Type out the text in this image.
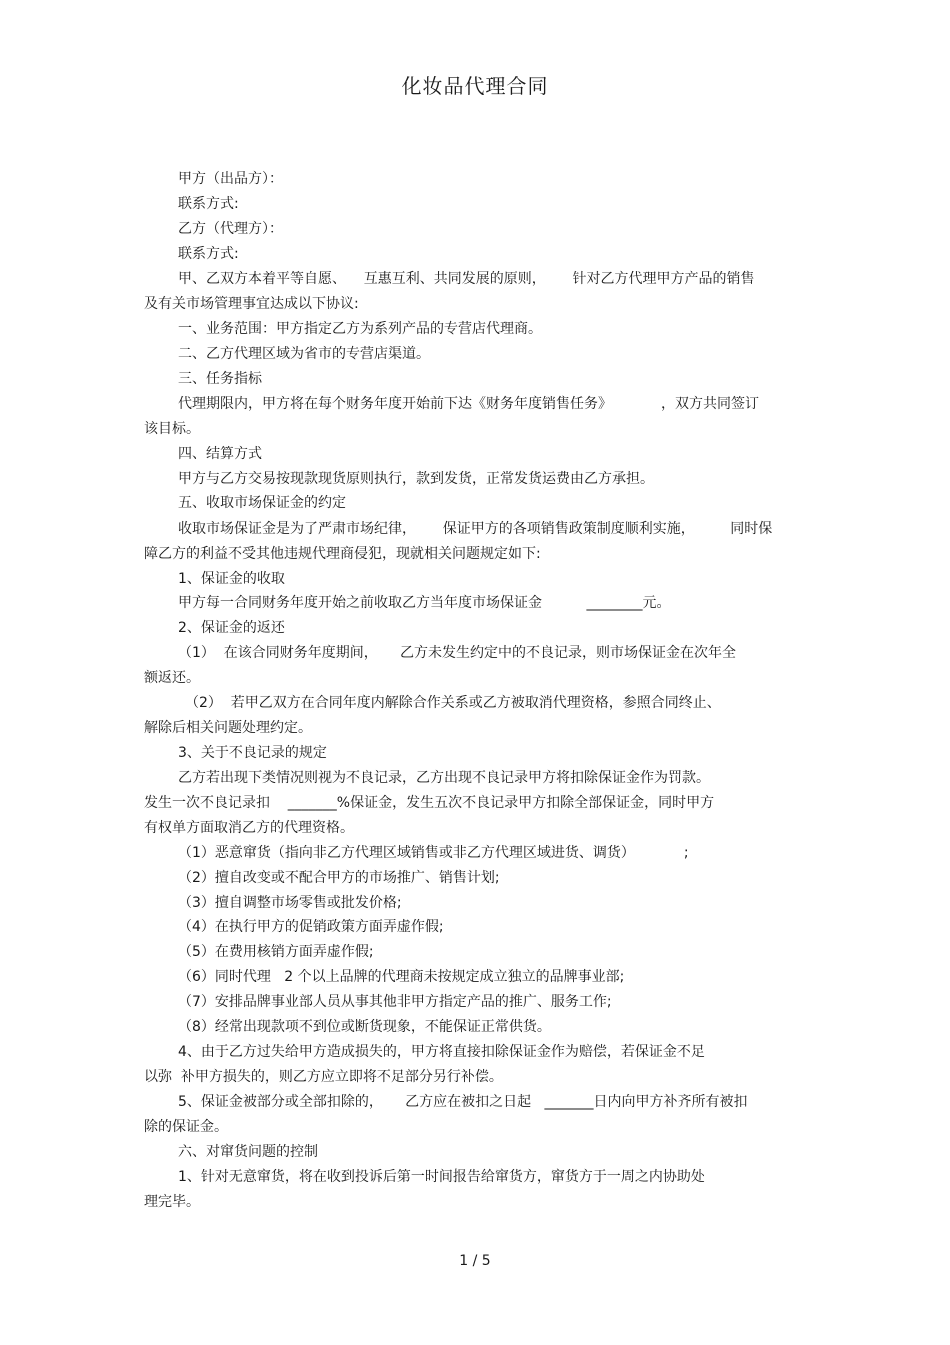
化妆品代理合同
甲方（出品方）：
联系方式:
乙方（代理方）：
联系方式:
甲、乙双方本着平等自愿、    互惠互利、共同发展的原则，      针对乙方代理甲方产品的销售
及有关市场管理事宜达成以下协议:
一、业务范围：甲方指定乙方为系列产品的专营店代理商。
二、乙方代理区域为省市的专营店渠道。
三、任务指标
代理期限内，甲方将在每个财务年度开始前下达《财务年度销售任务》           ，双方共同签订
该目标。
四、结算方式
甲方与乙方交易按现款现货原则执行，款到发货，正常发货运费由乙方承担。
五、收取市场保证金的约定
收取市场保证金是为了严肃市场纪律，      保证甲方的各项销售政策制度顺利实施，        同时保
障乙方的利益不受其他违规代理商侵犯，现就相关问题规定如下:
1、保证金的收取
甲方每一合同财务年度开始之前收取乙方当年度市场保证金          ________元。
2、保证金的返还
（1）  在该合同财务年度期间，     乙方未发生约定中的不良记录，则市场保证金在次年全
额返还。
（2）  若甲乙双方在合同年度内解除合作关系或乙方被取消代理资格，参照合同终止、
解除后相关问题处理约定。
3、关于不良记录的规定
乙方若出现下类情况则视为不良记录，乙方出现不良记录甲方将扣除保证金作为罚款。
发生一次不良记录扣    _______%保证金，发生五次不良记录甲方扣除全部保证金，同时甲方
有权单方面取消乙方的代理资格。
（1）恶意窜货（指向非乙方代理区域销售或非乙方代理区域进货、调货）           ;
（2）擅自改变或不配合甲方的市场推广、销售计划;
（3）擅自调整市场零售或批发价格;
（4）在执行甲方的促销政策方面弄虚作假;
（5）在费用核销方面弄虚作假;
（6）同时代理   2 个以上品牌的代理商未按规定成立独立的品牌事业部;
（7）安排品牌事业部人员从事其他非甲方指定产品的推广、服务工作;
（8）经常出现款项不到位或断货现象，不能保证正常供货。
4、由于乙方过失给甲方造成损失的，甲方将直接扣除保证金作为赔偿，若保证金不足
以弥  补甲方损失的，则乙方应立即将不足部分另行补偿。
5、保证金被部分或全部扣除的，     乙方应在被扣之日起   _______日内向甲方补齐所有被扣
除的保证金。
六、对窜货问题的控制
1、针对无意窜货，将在收到投诉后第一时间报告给窜货方，窜货方于一周之内协助处
理完毕。
1 / 5
